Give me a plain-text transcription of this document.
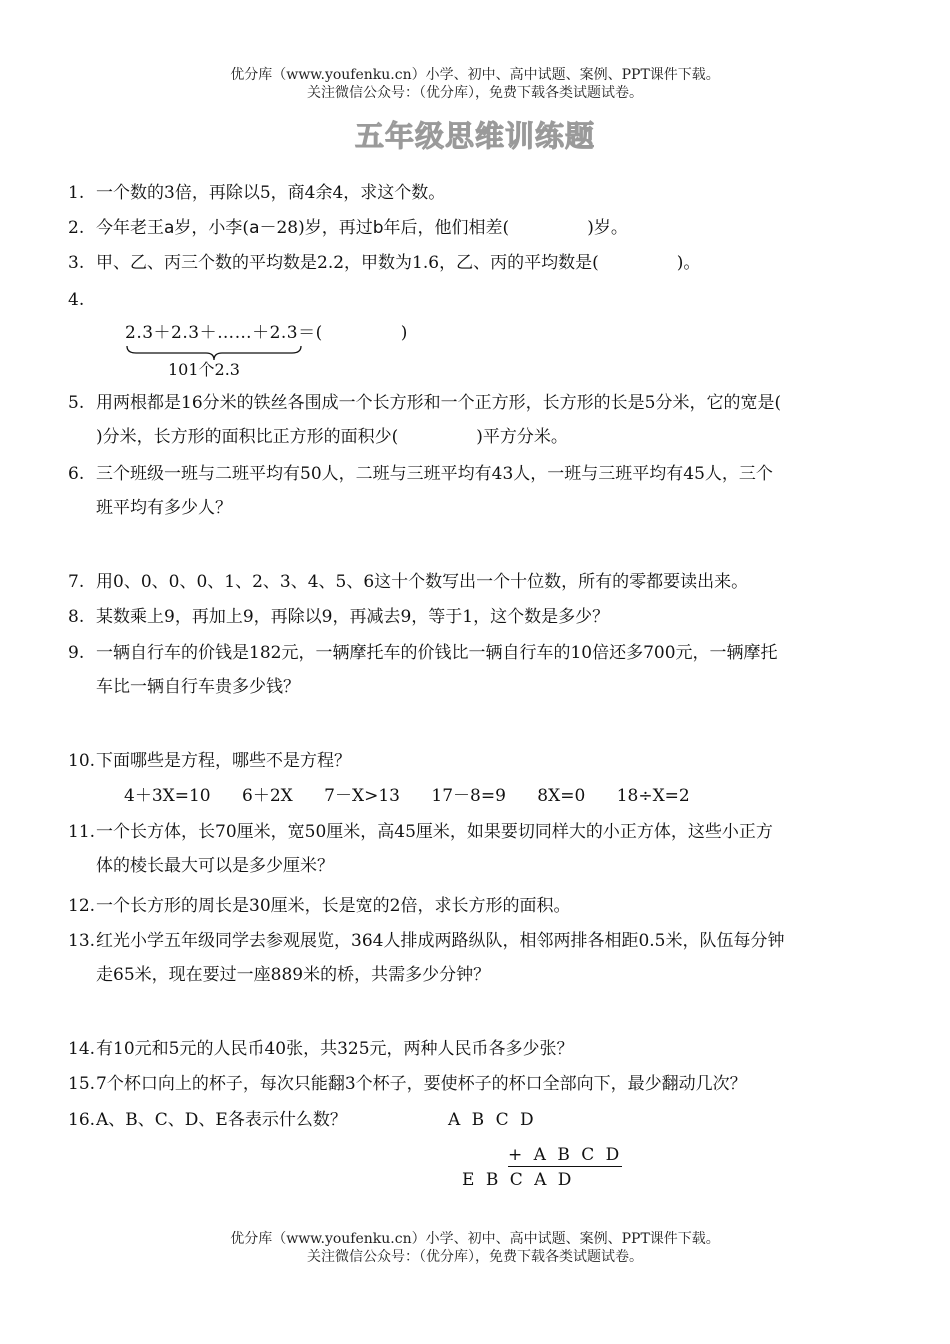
优分库（www.youfenku.cn）小学、初中、高中试题、案例、PPT课件下载。
关注微信公众号：（优分库），免费下载各类试题试卷。
五年级思维训练题
1. 一个数的3倍，再除以5，商4余4，求这个数。
2. 今年老王a岁，小李(a－28)岁，再过b年后，他们相差(	)岁。
3. 甲、乙、丙三个数的平均数是2.2，甲数为1.6，乙、丙的平均数是(	)。
4.
2.3＋2.3＋……＋2.3＝(	)
101个2.3
5. 用两根都是16分米的铁丝各围成一个长方形和一个正方形，长方形的长是5分米，它的宽是(
)分米，长方形的面积比正方形的面积少(	)平方分米。
6. 三个班级一班与二班平均有50人，二班与三班平均有43人，一班与三班平均有45人，三个
班平均有多少人？
7. 用0、0、0、0、1、2、3、4、5、6这十个数写出一个十位数，所有的零都要读出来。
8. 某数乘上9，再加上9，再除以9，再减去9，等于1，这个数是多少？
9. 一辆自行车的价钱是182元，一辆摩托车的价钱比一辆自行车的10倍还多700元，一辆摩托
车比一辆自行车贵多少钱？
10.下面哪些是方程，哪些不是方程？
4＋3X=10 6＋2X 7－X>13 17－8=9 8X=0 18÷X=2
11.一个长方体，长70厘米，宽50厘米，高45厘米，如果要切同样大的小正方体，这些小正方
体的棱长最大可以是多少厘米？
12.一个长方形的周长是30厘米，长是宽的2倍，求长方形的面积。
13.红光小学五年级同学去参观展览，364人排成两路纵队，相邻两排各相距0.5米，队伍每分钟
走65米，现在要过一座889米的桥，共需多少分钟？
14.有10元和5元的人民币40张，共325元，两种人民币各多少张？
15.7个杯口向上的杯子，每次只能翻3个杯子，要使杯子的杯口全部向下，最少翻动几次？
16.A、B、C、D、E各表示什么数？	A B C D
+ A B C D
E B C A D
优分库（www.youfenku.cn）小学、初中、高中试题、案例、PPT课件下载。
关注微信公众号：（优分库），免费下载各类试题试卷。
